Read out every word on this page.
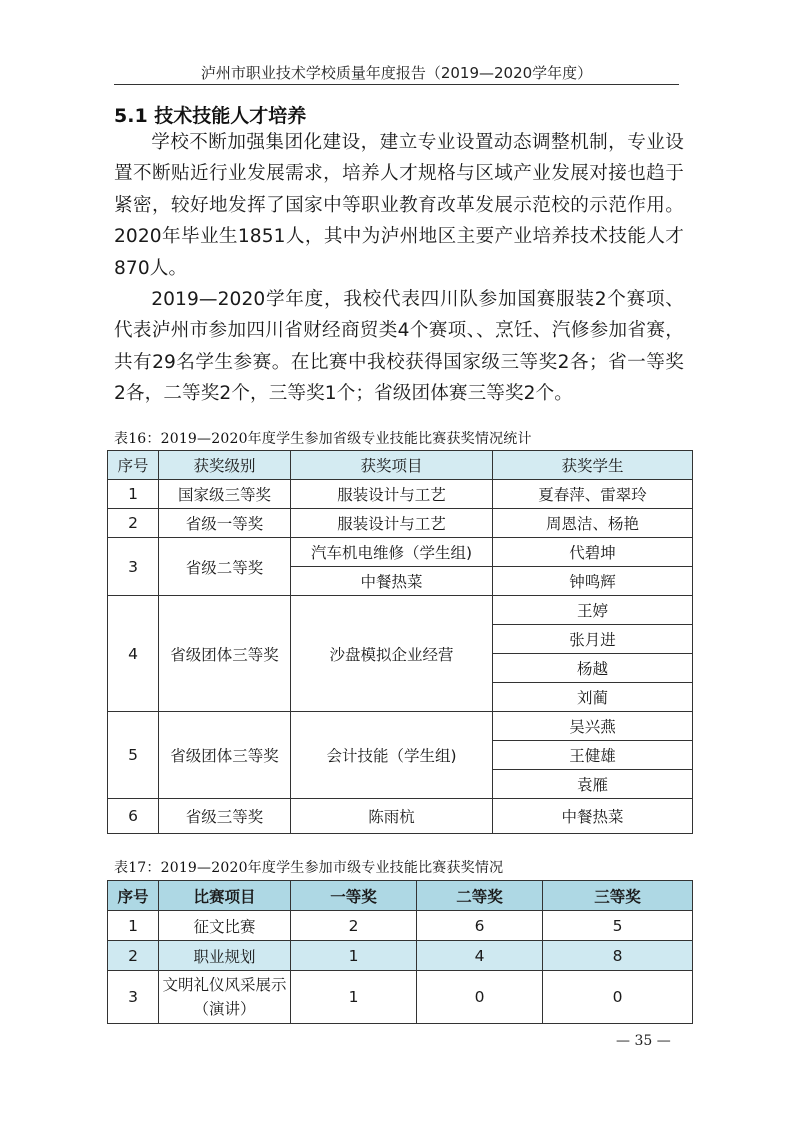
泸州市职业技术学校质量年度报告（2019—2020学年度）
5.1 技术技能人才培养

学校不断加强集团化建设，建立专业设置动态调整机制，专业设置不断贴近行业发展需求，培养人才规格与区域产业发展对接也趋于紧密，较好地发挥了国家中等职业教育改革发展示范校的示范作用。2020年毕业生1851人，其中为泸州地区主要产业培养技术技能人才870人。

2019—2020学年度，我校代表四川队参加国赛服装2个赛项、代表泸州市参加四川省财经商贸类4个赛项、、烹饪、汽修参加省赛，共有29名学生参赛。在比赛中我校获得国家级三等奖2各；省一等奖2各，二等奖2个，三等奖1个；省级团体赛三等奖2个。

表16：2019—2020年度学生参加省级专业技能比赛获奖情况统计
序号	获奖级别	获奖项目	获奖学生
1	国家级三等奖	服装设计与工艺	夏春萍、雷翠玲
2	省级一等奖	服装设计与工艺	周恩洁、杨艳
3	省级二等奖	汽车机电维修（学生组)	代碧坤
		中餐热菜	钟鸣辉
4	省级团体三等奖	沙盘模拟企业经营	王婷
			张月进
			杨越
			刘蔺
5	省级团体三等奖	会计技能（学生组)	吴兴燕
			王健雄
			袁雁
6	省级三等奖	陈雨杭	中餐热菜
表17：2019—2020年度学生参加市级专业技能比赛获奖情况
序号	比赛项目	一等奖	二等奖	三等奖
1	征文比赛	2	6	5
2	职业规划	1	4	8
3	文明礼仪风采展示
（演讲）	1	0	0
— 35 —
